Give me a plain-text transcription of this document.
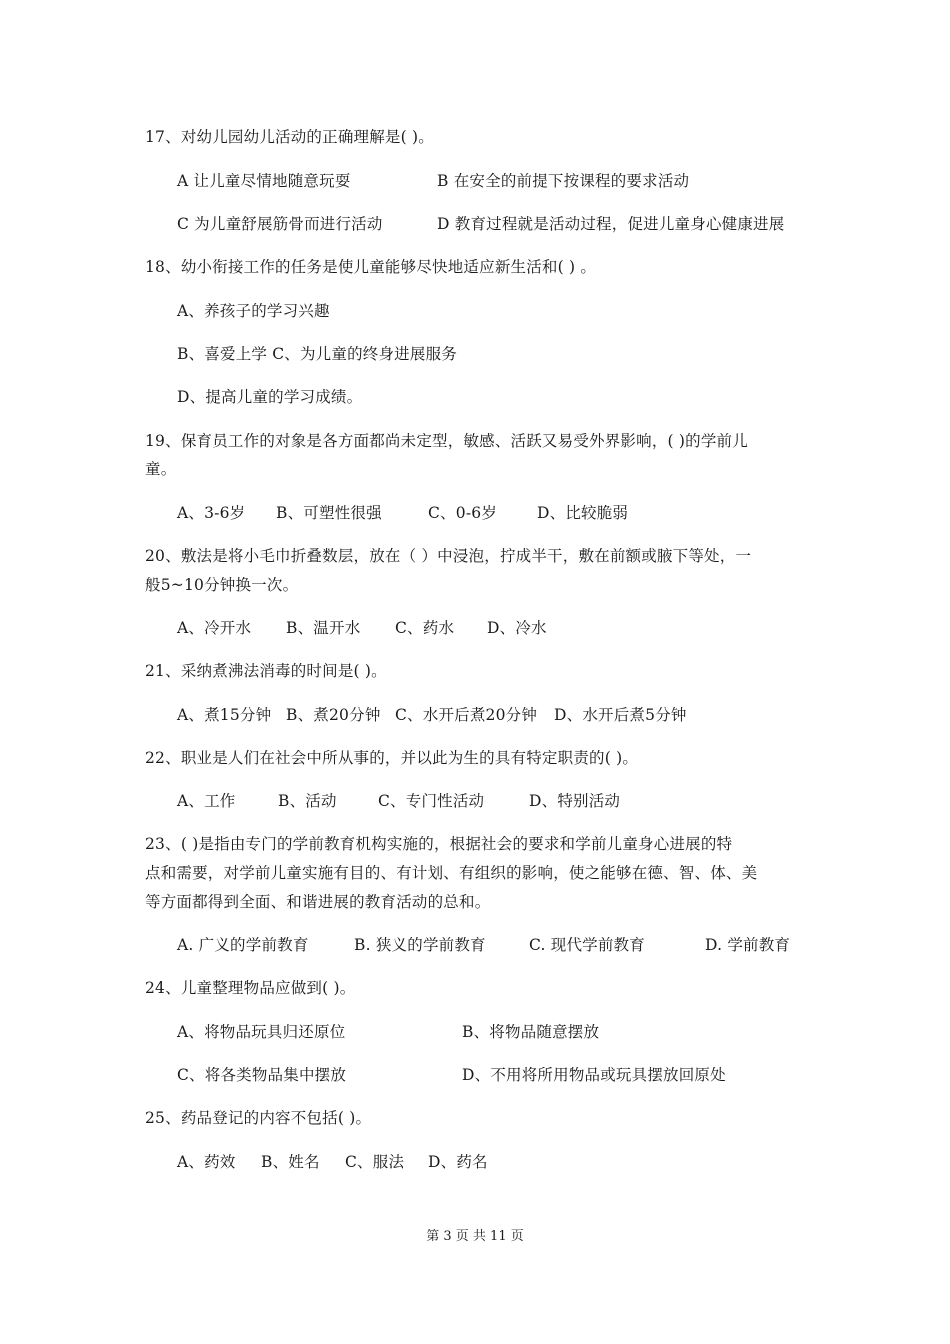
17、对幼儿园幼儿活动的正确理解是( )。
A 让儿童尽情地随意玩耍	B 在安全的前提下按课程的要求活动
C 为儿童舒展筋骨而进行活动	D 教育过程就是活动过程，促进儿童身心健康进展
18、幼小衔接工作的任务是使儿童能够尽快地适应新生活和( ) 。
A、养孩子的学习兴趣
B、喜爱上学 C、为儿童的终身进展服务
D、提高儿童的学习成绩。
19、保育员工作的对象是各方面都尚未定型，敏感、活跃又易受外界影响，( )的学前儿
童。
A、3-6岁 B、可塑性很强	C、0-6岁	D、比较脆弱
20、敷法是将小毛巾折叠数层，放在（ ）中浸泡，拧成半干，敷在前额或腋下等处，一
般5~10分钟换一次。
A、冷开水 B、温开水 C、药水 D、冷水
21、采纳煮沸法消毒的时间是( )。
A、煮15分钟 B、煮20分钟 C、水开后煮20分钟 D、水开后煮5分钟
22、职业是人们在社会中所从事的，并以此为生的具有特定职责的( )。
A、工作	B、活动	C、专门性活动	D、特别活动
23、( )是指由专门的学前教育机构实施的，根据社会的要求和学前儿童身心进展的特
点和需要，对学前儿童实施有目的、有计划、有组织的影响，使之能够在德、智、体、美
等方面都得到全面、和谐进展的教育活动的总和。
A. 广义的学前教育	B. 狭义的学前教育	C. 现代学前教育	D. 学前教育
24、儿童整理物品应做到( )。
A、将物品玩具归还原位	B、将物品随意摆放
C、将各类物品集中摆放	D、不用将所用物品或玩具摆放回原处
25、药品登记的内容不包括( )。
A、药效 B、姓名 C、服法 D、药名
第 3 页 共 11 页
